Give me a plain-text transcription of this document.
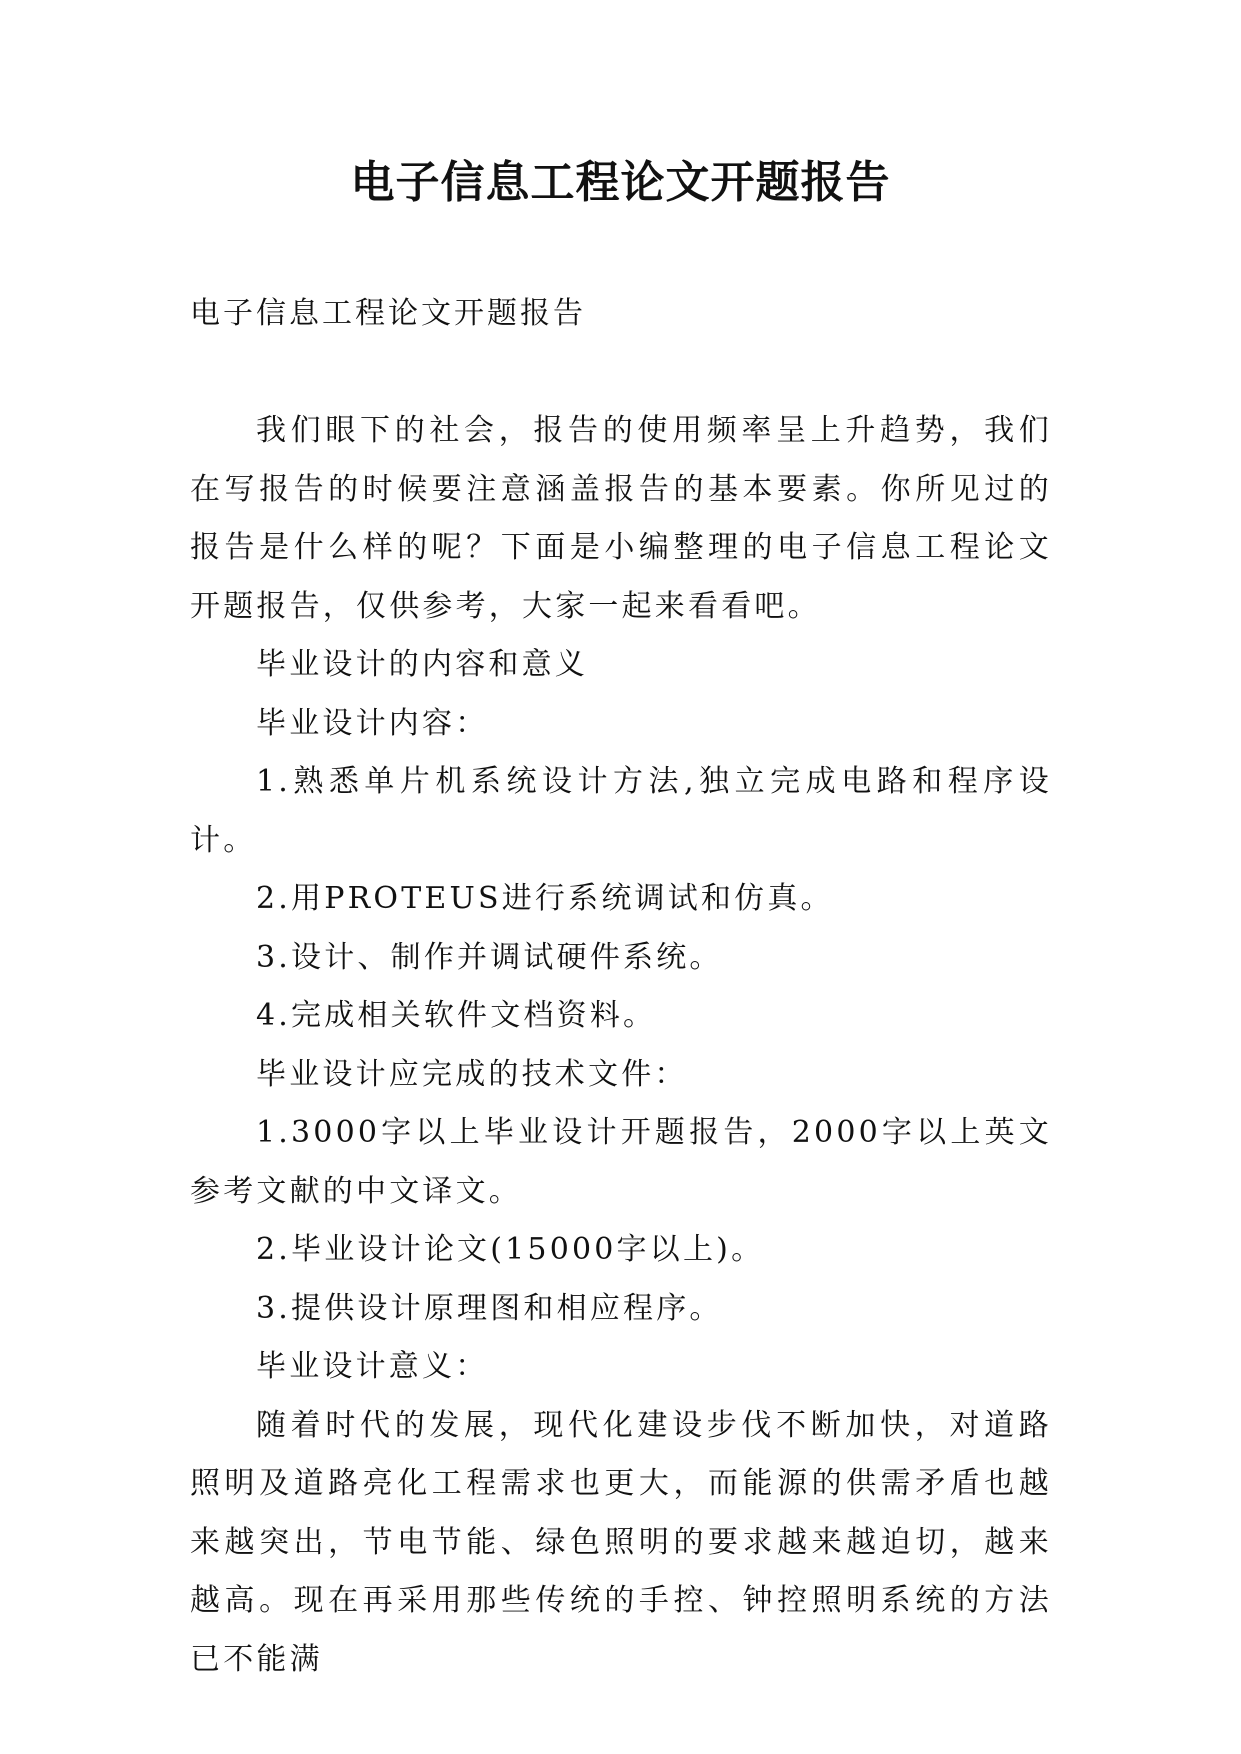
电子信息工程论文开题报告
电子信息工程论文开题报告

我们眼下的社会，报告的使用频率呈上升趋势，我们在写报告的时候要注意涵盖报告的基本要素。你所见过的报告是什么样的呢？下面是小编整理的电子信息工程论文开题报告，仅供参考，大家一起来看看吧。

毕业设计的内容和意义

毕业设计内容：

1.熟悉单片机系统设计方法,独立完成电路和程序设计。

2.用PROTEUS进行系统调试和仿真。

3.设计、制作并调试硬件系统。

4.完成相关软件文档资料。

毕业设计应完成的技术文件：

1.3000字以上毕业设计开题报告，2000字以上英文参考文献的中文译文。

2.毕业设计论文(15000字以上)。

3.提供设计原理图和相应程序。

毕业设计意义：

随着时代的发展，现代化建设步伐不断加快，对道路照明及道路亮化工程需求也更大，而能源的供需矛盾也越来越突出，节电节能、绿色照明的要求越来越迫切，越来越高。现在再采用那些传统的手控、钟控照明系统的方法已不能满
